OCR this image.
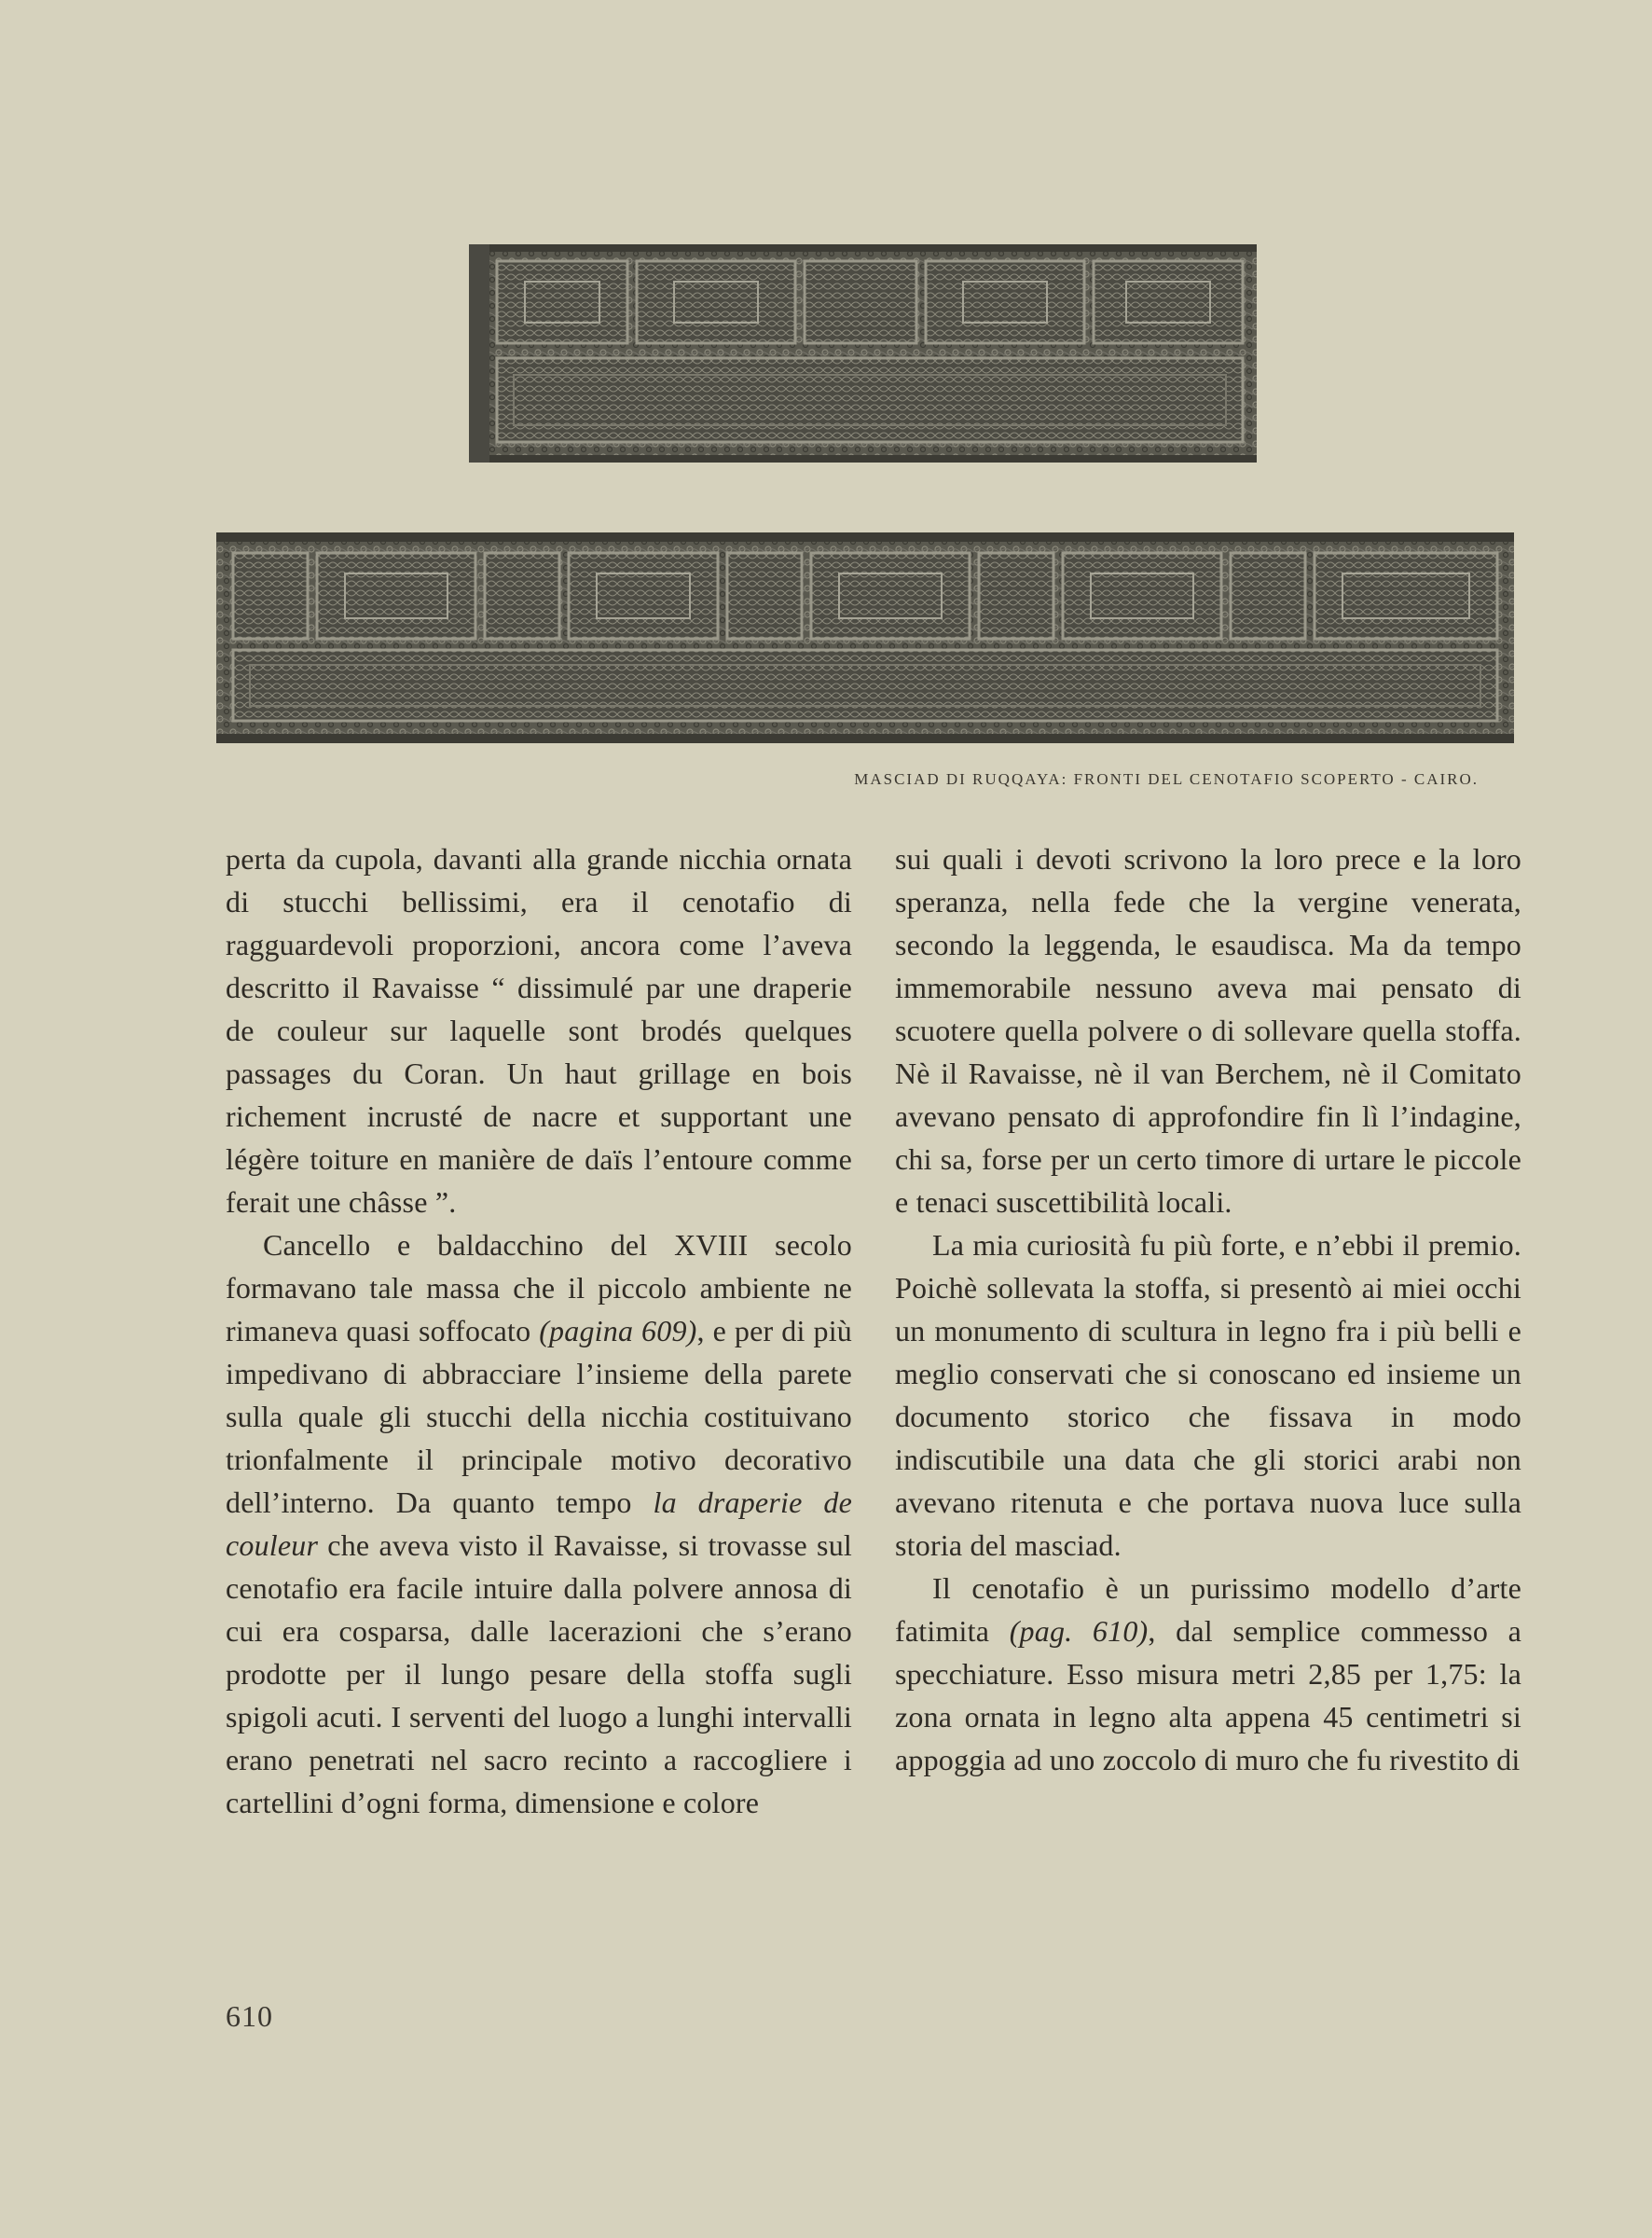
MASCIAD DI RUQQAYA: FRONTI DEL CENOTAFIO SCOPERTO - CAIRO.

perta da cupola, davanti alla grande nicchia ornata di stucchi bellissimi, era il cenotafio di ragguardevoli proporzioni, ancora come l’aveva descritto il Ravaisse “ dissimulé par une draperie de couleur sur laquelle sont brodés quelques passages du Coran. Un haut grillage en bois richement incrusté de nacre et supportant une légère toiture en manière de daïs l’entoure comme ferait une châsse ”.

Cancello e baldacchino del XVIII secolo formavano tale massa che il piccolo ambiente ne rimaneva quasi soffocato (pagina 609), e per di più impedivano di abbracciare l’insieme della parete sulla quale gli stucchi della nicchia costituivano trionfalmente il principale motivo decorativo dell’interno. Da quanto tempo la draperie de couleur che aveva visto il Ravaisse, si trovasse sul cenotafio era facile intuire dalla polvere annosa di cui era cosparsa, dalle lacerazioni che s’erano prodotte per il lungo pesare della stoffa sugli spigoli acuti. I serventi del luogo a lunghi intervalli erano penetrati nel sacro recinto a raccogliere i cartellini d’ogni forma, dimensione e colore

sui quali i devoti scrivono la loro prece e la loro speranza, nella fede che la vergine venerata, secondo la leggenda, le esaudisca. Ma da tempo immemorabile nessuno aveva mai pensato di scuotere quella polvere o di sollevare quella stoffa. Nè il Ravaisse, nè il van Berchem, nè il Comitato avevano pensato di approfondire fin lì l’indagine, chi sa, forse per un certo timore di urtare le piccole e tenaci suscettibilità locali.

La mia curiosità fu più forte, e n’ebbi il premio. Poichè sollevata la stoffa, si presentò ai miei occhi un monumento di scultura in legno fra i più belli e meglio conservati che si conoscano ed insieme un documento storico che fissava in modo indiscutibile una data che gli storici arabi non avevano ritenuta e che portava nuova luce sulla storia del masciad.

Il cenotafio è un purissimo modello d’arte fatimita (pag. 610), dal semplice commesso a specchiature. Esso misura metri 2,85 per 1,75: la zona ornata in legno alta appena 45 centimetri si appoggia ad uno zoccolo di muro che fu rivestito di

610
